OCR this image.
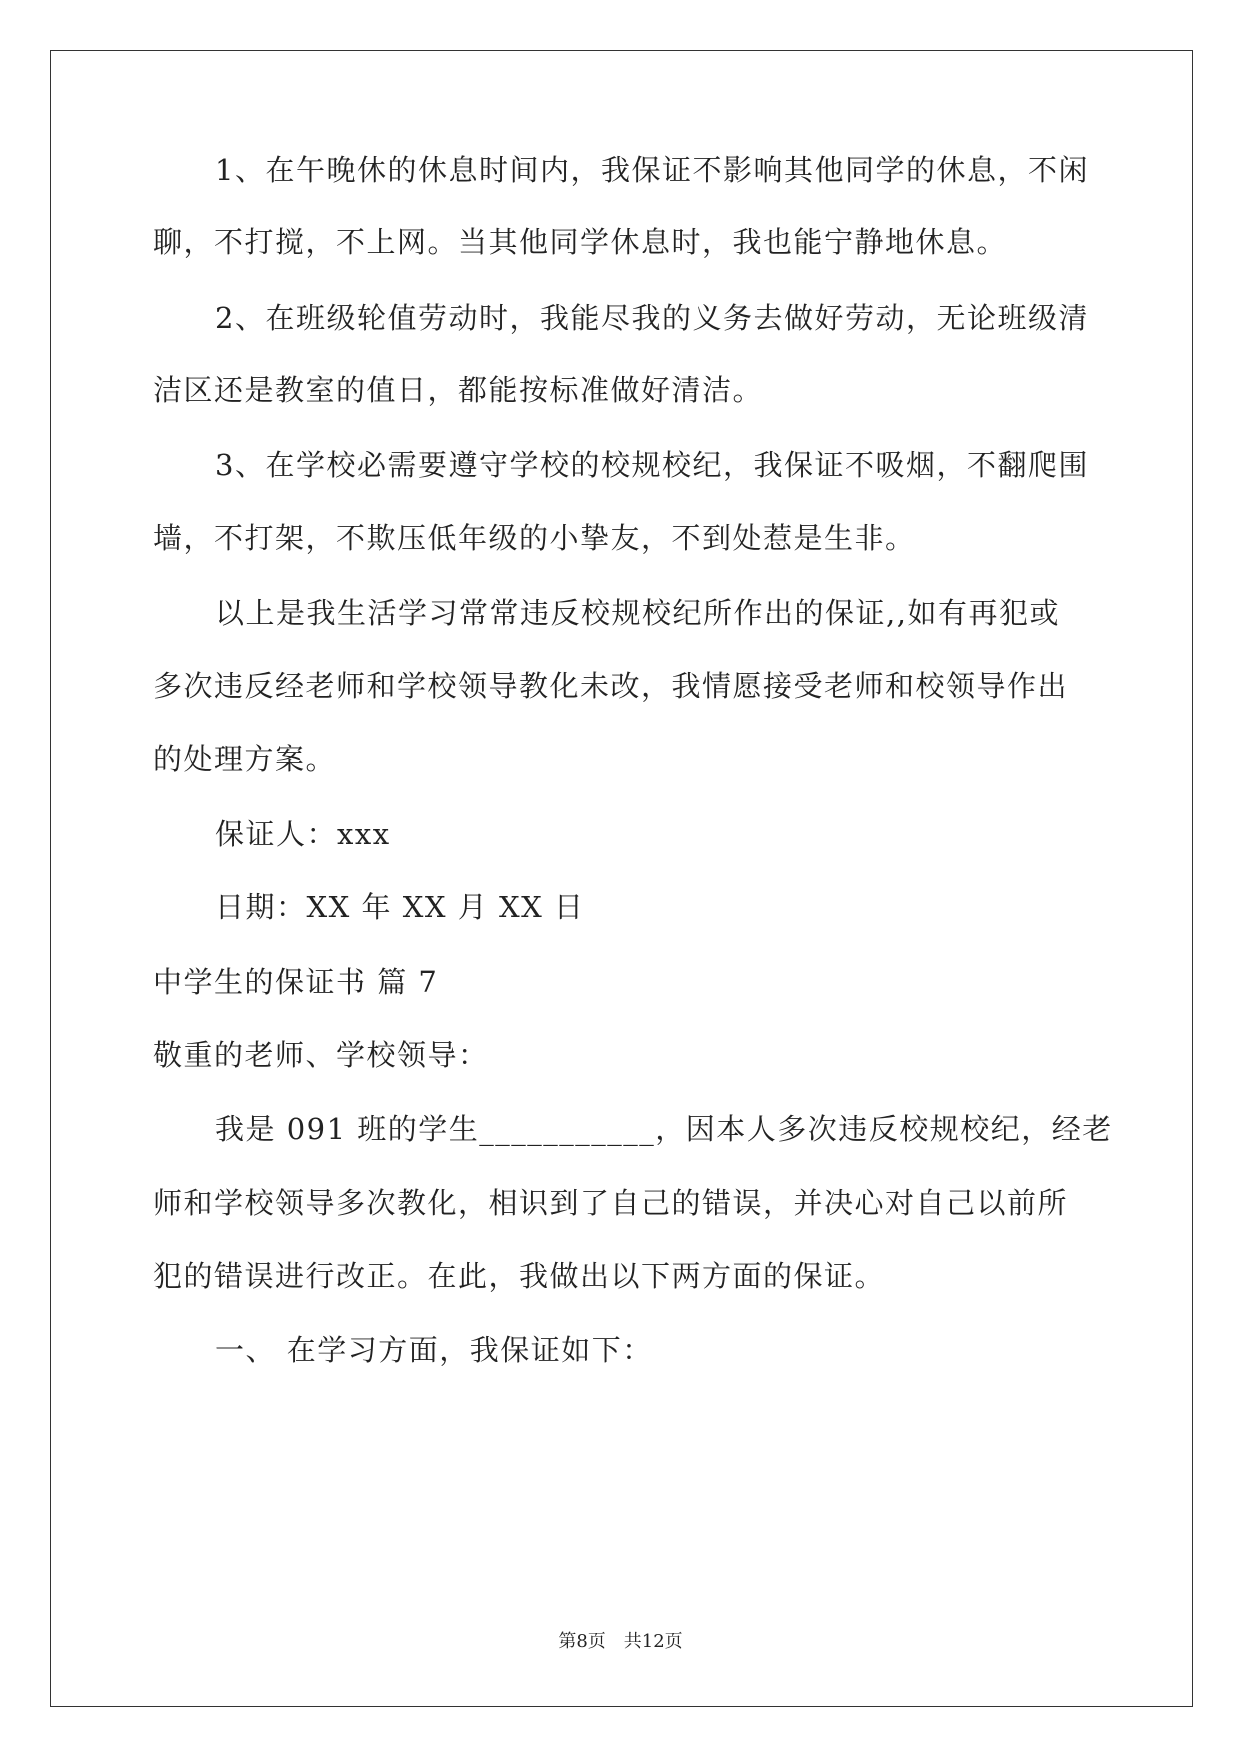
1、在午晚休的休息时间内，我保证不影响其他同学的休息，不闲
聊，不打搅，不上网。当其他同学休息时，我也能宁静地休息。
2、在班级轮值劳动时，我能尽我的义务去做好劳动，无论班级清
洁区还是教室的值日，都能按标准做好清洁。
3、在学校必需要遵守学校的校规校纪，我保证不吸烟，不翻爬围
墙，不打架，不欺压低年级的小挚友，不到处惹是生非。
以上是我生活学习常常违反校规校纪所作出的保证,,如有再犯或
多次违反经老师和学校领导教化未改，我情愿接受老师和校领导作出
的处理方案。
保证人：xxx
日期：XX 年 XX 月 XX 日
中学生的保证书 篇 7
敬重的老师、学校领导：
我是 091 班的学生___________，因本人多次违反校规校纪，经老
师和学校领导多次教化，相识到了自己的错误，并决心对自己以前所
犯的错误进行改正。在此，我做出以下两方面的保证。
一、 在学习方面，我保证如下：
第8页 共12页
